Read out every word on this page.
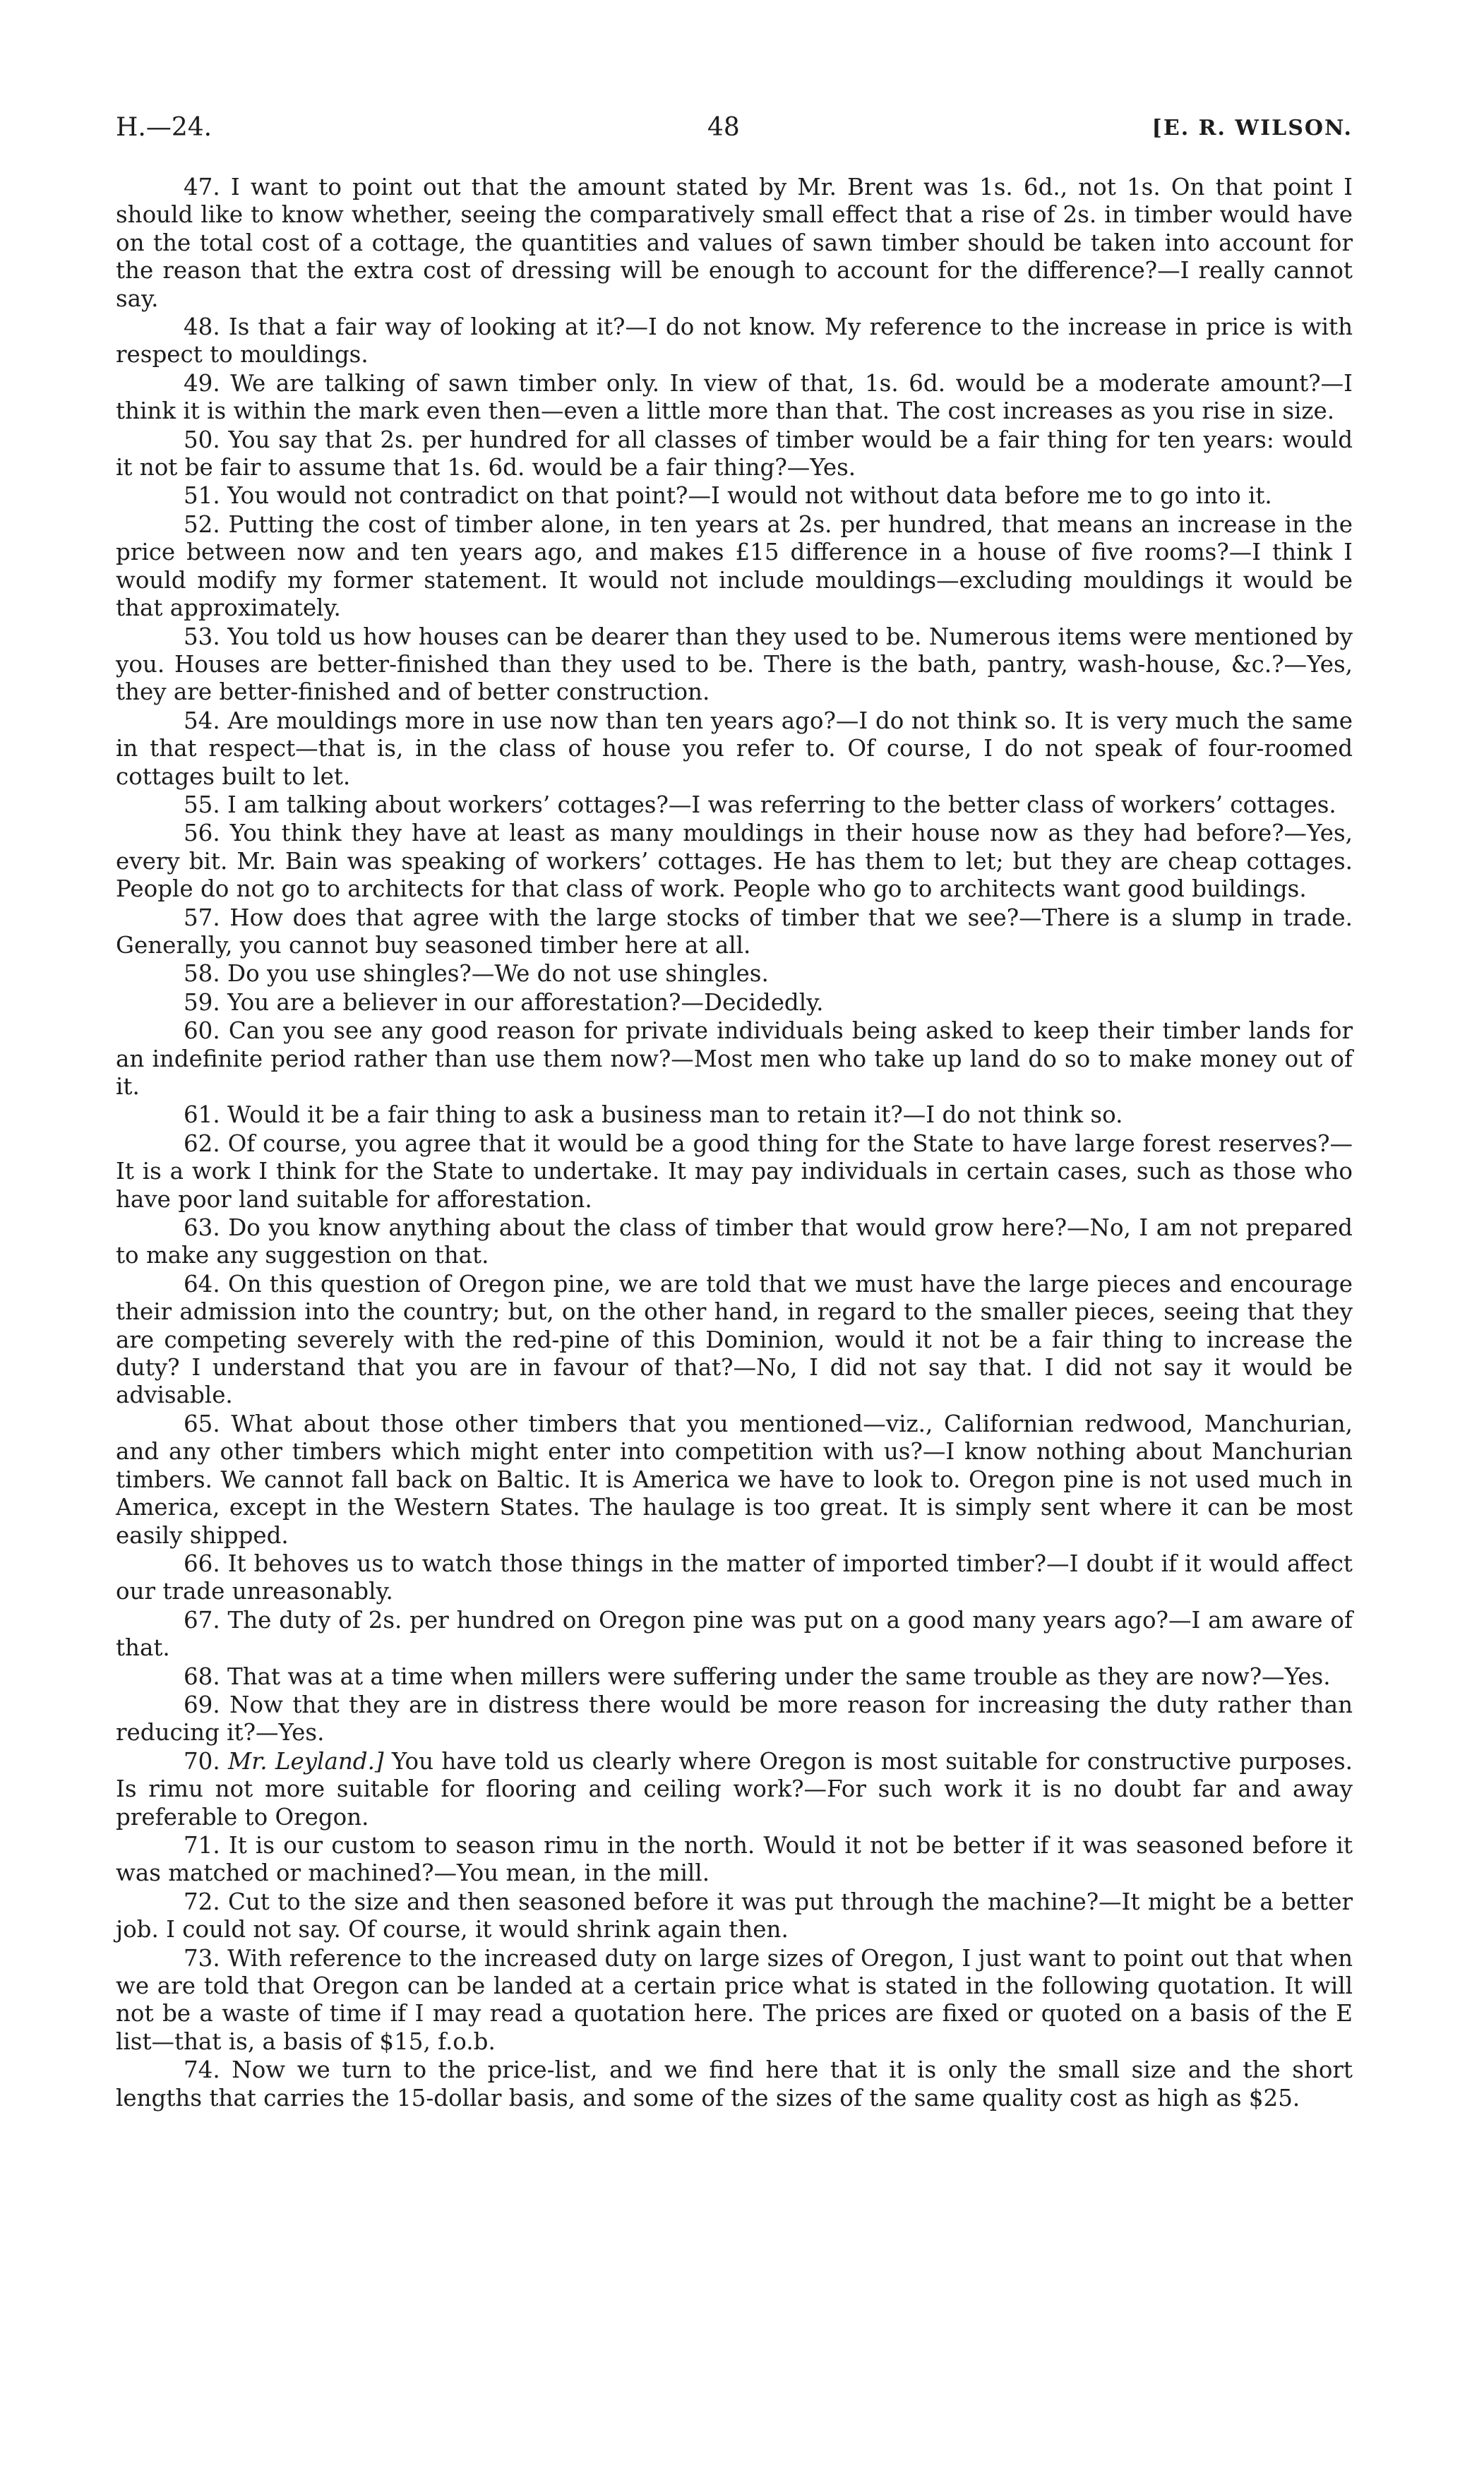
H.—24.	48	[E. R. WILSON.

47. I want to point out that the amount stated by Mr. Brent was 1s. 6d., not 1s. On that point I should like to know whether, seeing the comparatively small effect that a rise of 2s. in timber would have on the total cost of a cottage, the quantities and values of sawn timber should be taken into account for the reason that the extra cost of dressing will be enough to account for the difference?—I really cannot say.

48. Is that a fair way of looking at it?—I do not know. My reference to the increase in price is with respect to mouldings.

49. We are talking of sawn timber only. In view of that, 1s. 6d. would be a moderate amount?—I think it is within the mark even then—even a little more than that. The cost increases as you rise in size.

50. You say that 2s. per hundred for all classes of timber would be a fair thing for ten years: would it not be fair to assume that 1s. 6d. would be a fair thing?—Yes.

51. You would not contradict on that point?—I would not without data before me to go into it.

52. Putting the cost of timber alone, in ten years at 2s. per hundred, that means an increase in the price between now and ten years ago, and makes £15 difference in a house of five rooms?—I think I would modify my former statement. It would not include mouldings—excluding mouldings it would be that approximately.

53. You told us how houses can be dearer than they used to be. Numerous items were mentioned by you. Houses are better-finished than they used to be. There is the bath, pantry, wash-house, &c.?—Yes, they are better-finished and of better construction.

54. Are mouldings more in use now than ten years ago?—I do not think so. It is very much the same in that respect—that is, in the class of house you refer to. Of course, I do not speak of four-roomed cottages built to let.

55. I am talking about workers’ cottages?—I was referring to the better class of workers’ cottages.

56. You think they have at least as many mouldings in their house now as they had before?—Yes, every bit. Mr. Bain was speaking of workers’ cottages. He has them to let; but they are cheap cottages. People do not go to architects for that class of work. People who go to architects want good buildings.

57. How does that agree with the large stocks of timber that we see?—There is a slump in trade. Generally, you cannot buy seasoned timber here at all.

58. Do you use shingles?—We do not use shingles.

59. You are a believer in our afforestation?—Decidedly.

60. Can you see any good reason for private individuals being asked to keep their timber lands for an indefinite period rather than use them now?—Most men who take up land do so to make money out of it.

61. Would it be a fair thing to ask a business man to retain it?—I do not think so.

62. Of course, you agree that it would be a good thing for the State to have large forest reserves?—It is a work I think for the State to undertake. It may pay individuals in certain cases, such as those who have poor land suitable for afforestation.

63. Do you know anything about the class of timber that would grow here?—No, I am not prepared to make any suggestion on that.

64. On this question of Oregon pine, we are told that we must have the large pieces and encourage their admission into the country; but, on the other hand, in regard to the smaller pieces, seeing that they are competing severely with the red-pine of this Dominion, would it not be a fair thing to increase the duty? I understand that you are in favour of that?—No, I did not say that. I did not say it would be advisable.

65. What about those other timbers that you mentioned—viz., Californian redwood, Manchurian, and any other timbers which might enter into competition with us?—I know nothing about Manchurian timbers. We cannot fall back on Baltic. It is America we have to look to. Oregon pine is not used much in America, except in the Western States. The haulage is too great. It is simply sent where it can be most easily shipped.

66. It behoves us to watch those things in the matter of imported timber?—I doubt if it would affect our trade unreasonably.

67. The duty of 2s. per hundred on Oregon pine was put on a good many years ago?—I am aware of that.

68. That was at a time when millers were suffering under the same trouble as they are now?—Yes.

69. Now that they are in distress there would be more reason for increasing the duty rather than reducing it?—Yes.

70. Mr. Leyland.] You have told us clearly where Oregon is most suitable for constructive purposes. Is rimu not more suitable for flooring and ceiling work?—For such work it is no doubt far and away preferable to Oregon.

71. It is our custom to season rimu in the north. Would it not be better if it was seasoned before it was matched or machined?—You mean, in the mill.

72. Cut to the size and then seasoned before it was put through the machine?—It might be a better job. I could not say. Of course, it would shrink again then.

73. With reference to the increased duty on large sizes of Oregon, I just want to point out that when we are told that Oregon can be landed at a certain price what is stated in the following quotation. It will not be a waste of time if I may read a quotation here. The prices are fixed or quoted on a basis of the E list—that is, a basis of $15, f.o.b.

74. Now we turn to the price-list, and we find here that it is only the small size and the short lengths that carries the 15-dollar basis, and some of the sizes of the same quality cost as high as $25.
